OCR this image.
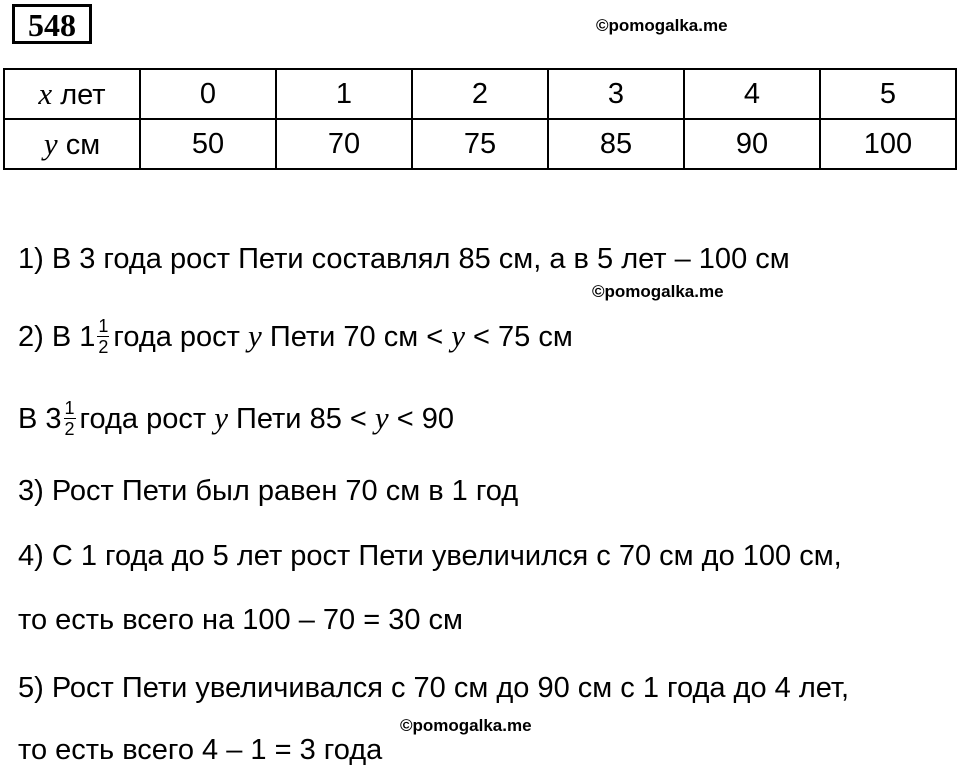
548	©pomogalka.me
x лет	0	1	2	3	4	5
y см	50	70	75	85	90	100
1) В 3 года рост Пети составлял 85 см, а в 5 лет – 100 см
©pomogalka.me
2) В $1 \frac{1}{2}$ года рост y Пети 70 см < y < 75 см
В $3 \frac{1}{2}$ года рост y Пети 85 < y < 90
3) Рост Пети был равен 70 см в 1 год
4) С 1 года до 5 лет рост Пети увеличился с 70 см до 100 см,
то есть всего на 100 – 70 = 30 см
5) Рост Пети увеличивался с 70 см до 90 см с 1 года до 4 лет,
©pomogalka.me
то есть всего 4 – 1 = 3 года
